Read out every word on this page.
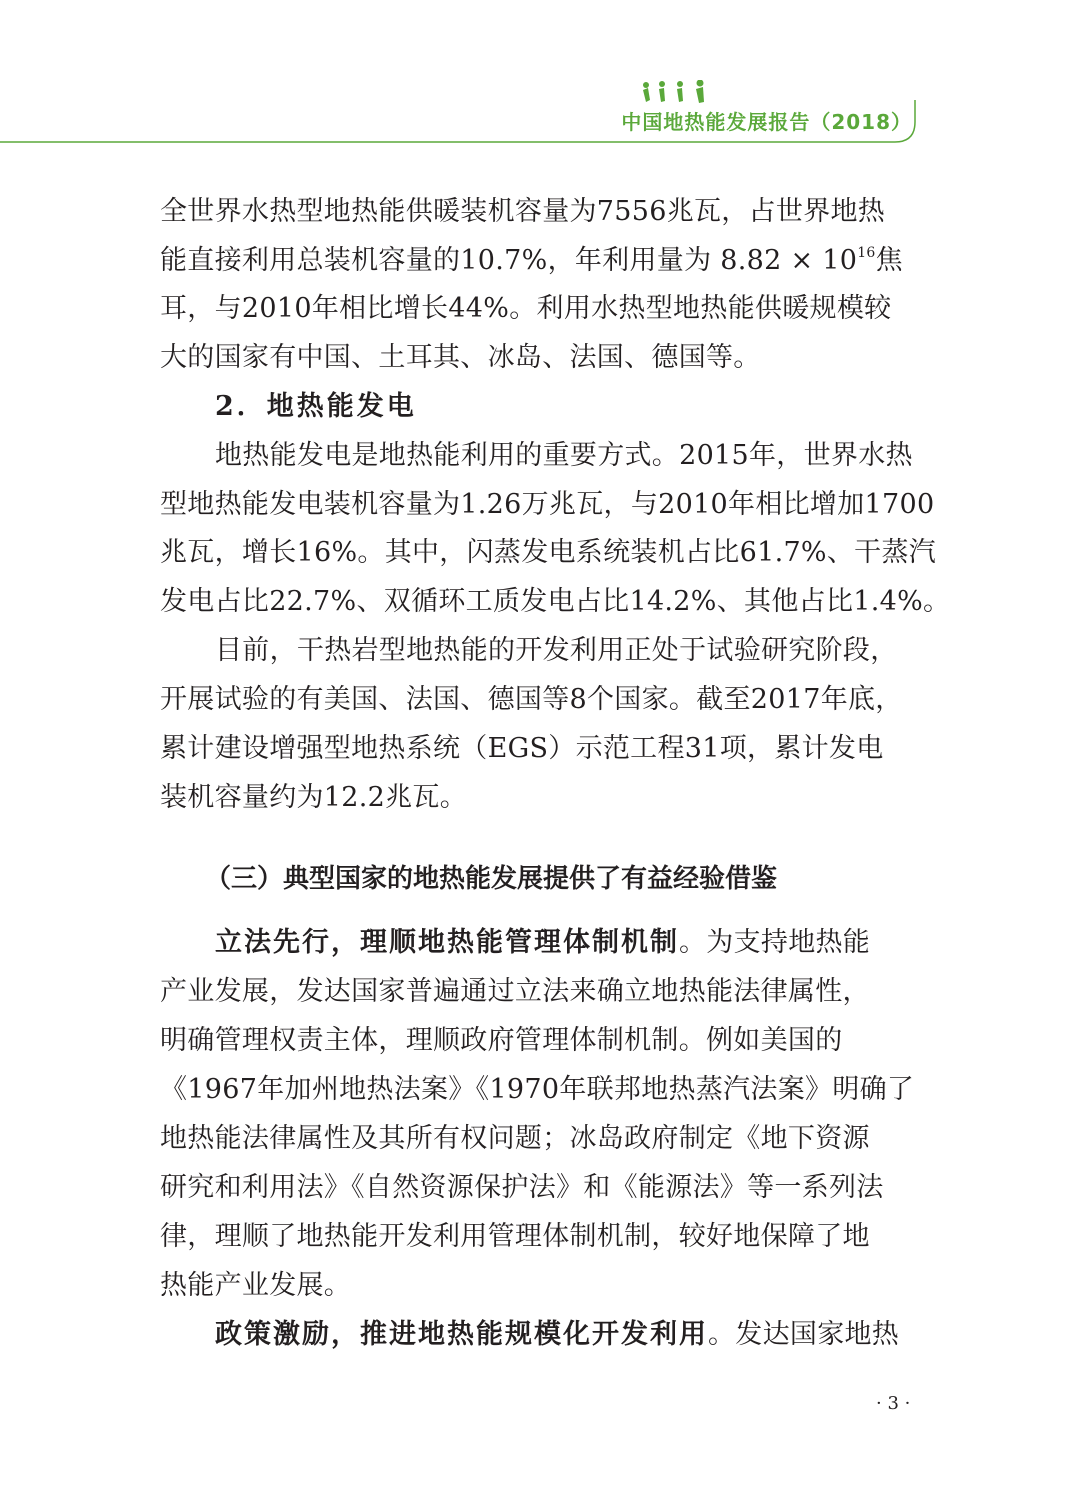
中国地热能发展报告（2018）
全世界水热型地热能供暖装机容量为7556兆瓦，占世界地热
能直接利用总装机容量的10.7%，年利用量为 $8.82 \times 10^{16}$焦
耳，与2010年相比增长44%。利用水热型地热能供暖规模较
大的国家有中国、土耳其、冰岛、法国、德国等。
2．地热能发电
地热能发电是地热能利用的重要方式。2015年，世界水热
型地热能发电装机容量为1.26万兆瓦，与2010年相比增加1700
兆瓦，增长16%。其中，闪蒸发电系统装机占比61.7%、干蒸汽
发电占比22.7%、双循环工质发电占比14.2%、其他占比1.4%。
目前，干热岩型地热能的开发利用正处于试验研究阶段，
开展试验的有美国、法国、德国等8个国家。截至2017年底，
累计建设增强型地热系统（EGS）示范工程31项，累计发电
装机容量约为12.2兆瓦。
立法先行，理顺地热能管理体制机制。为支持地热能
产业发展，发达国家普遍通过立法来确立地热能法律属性，
明确管理权责主体，理顺政府管理体制机制。例如美国的
《1967年加州地热法案》《1970年联邦地热蒸汽法案》明确了
地热能法律属性及其所有权问题；冰岛政府制定《地下资源
研究和利用法》《自然资源保护法》和《能源法》等一系列法
律，理顺了地热能开发利用管理体制机制，较好地保障了地
热能产业发展。
政策激励，推进地热能规模化开发利用。发达国家地热
（三）典型国家的地热能发展提供了有益经验借鉴
· 3 ·
